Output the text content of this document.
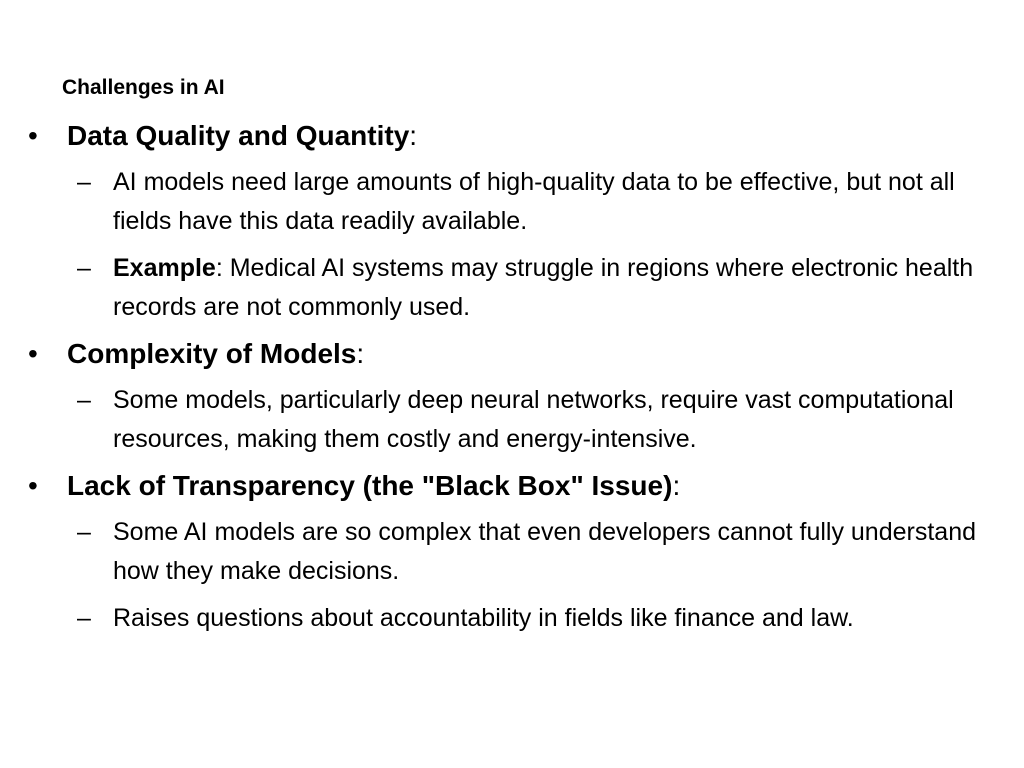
Challenges in AI
• Data Quality and Quantity:
– AI models need large amounts of high-quality data to be effective, but not all fields have this data readily available.
– Example: Medical AI systems may struggle in regions where electronic health records are not commonly used.
• Complexity of Models:
– Some models, particularly deep neural networks, require vast computational resources, making them costly and energy-intensive.
• Lack of Transparency (the "Black Box" Issue):
– Some AI models are so complex that even developers cannot fully understand how they make decisions.
– Raises questions about accountability in fields like finance and law.
